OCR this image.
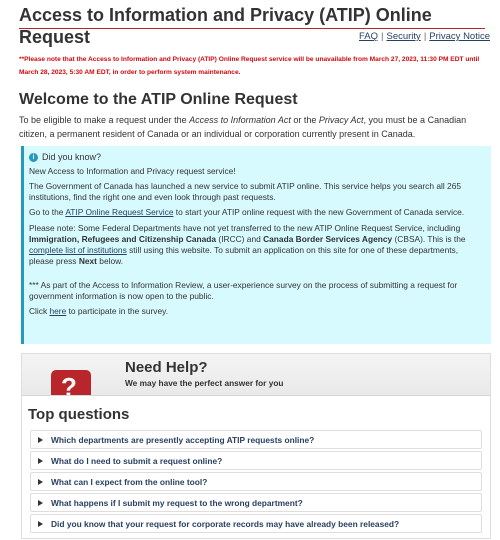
Access to Information and Privacy (ATIP) Online Request	FAQ | Security | Privacy Notice
**Please note that the Access to Information and Privacy (ATIP) Online Request service will be unavailable from March 27, 2023, 11:30 PM EDT until March 28, 2023, 5:30 AM EDT, in order to perform system maintenance.
Welcome to the ATIP Online Request

To be eligible to make a request under the Access to Information Act or the Privacy Act, you must be a Canadian citizen, a permanent resident of Canada or an individual or corporation currently present in Canada.

i Did you know?

New Access to Information and Privacy request service!

The Government of Canada has launched a new service to submit ATIP online. This service helps you search all 265 institutions, find the right one and even look through past requests.

Go to the ATIP Online Request Service to start your ATIP online request with the new Government of Canada service.

Please note: Some Federal Departments have not yet transferred to the new ATIP Online Request Service, including Immigration, Refugees and Citizenship Canada (IRCC) and Canada Border Services Agency (CBSA). This is the complete list of institutions still using this website. To submit an application on this site for one of these departments, please press Next below.

*** As part of the Access to Information Review, a user-experience survey on the process of submitting a request for government information is now open to the public.

Click here to participate in the survey.

?
Need Help?
We may have the perfect answer for you
Top questions
Which departments are presently accepting ATIP requests online?
What do I need to submit a request online?
What can I expect from the online tool?
What happens if I submit my request to the wrong department?
Did you know that your request for corporate records may have already been released?
